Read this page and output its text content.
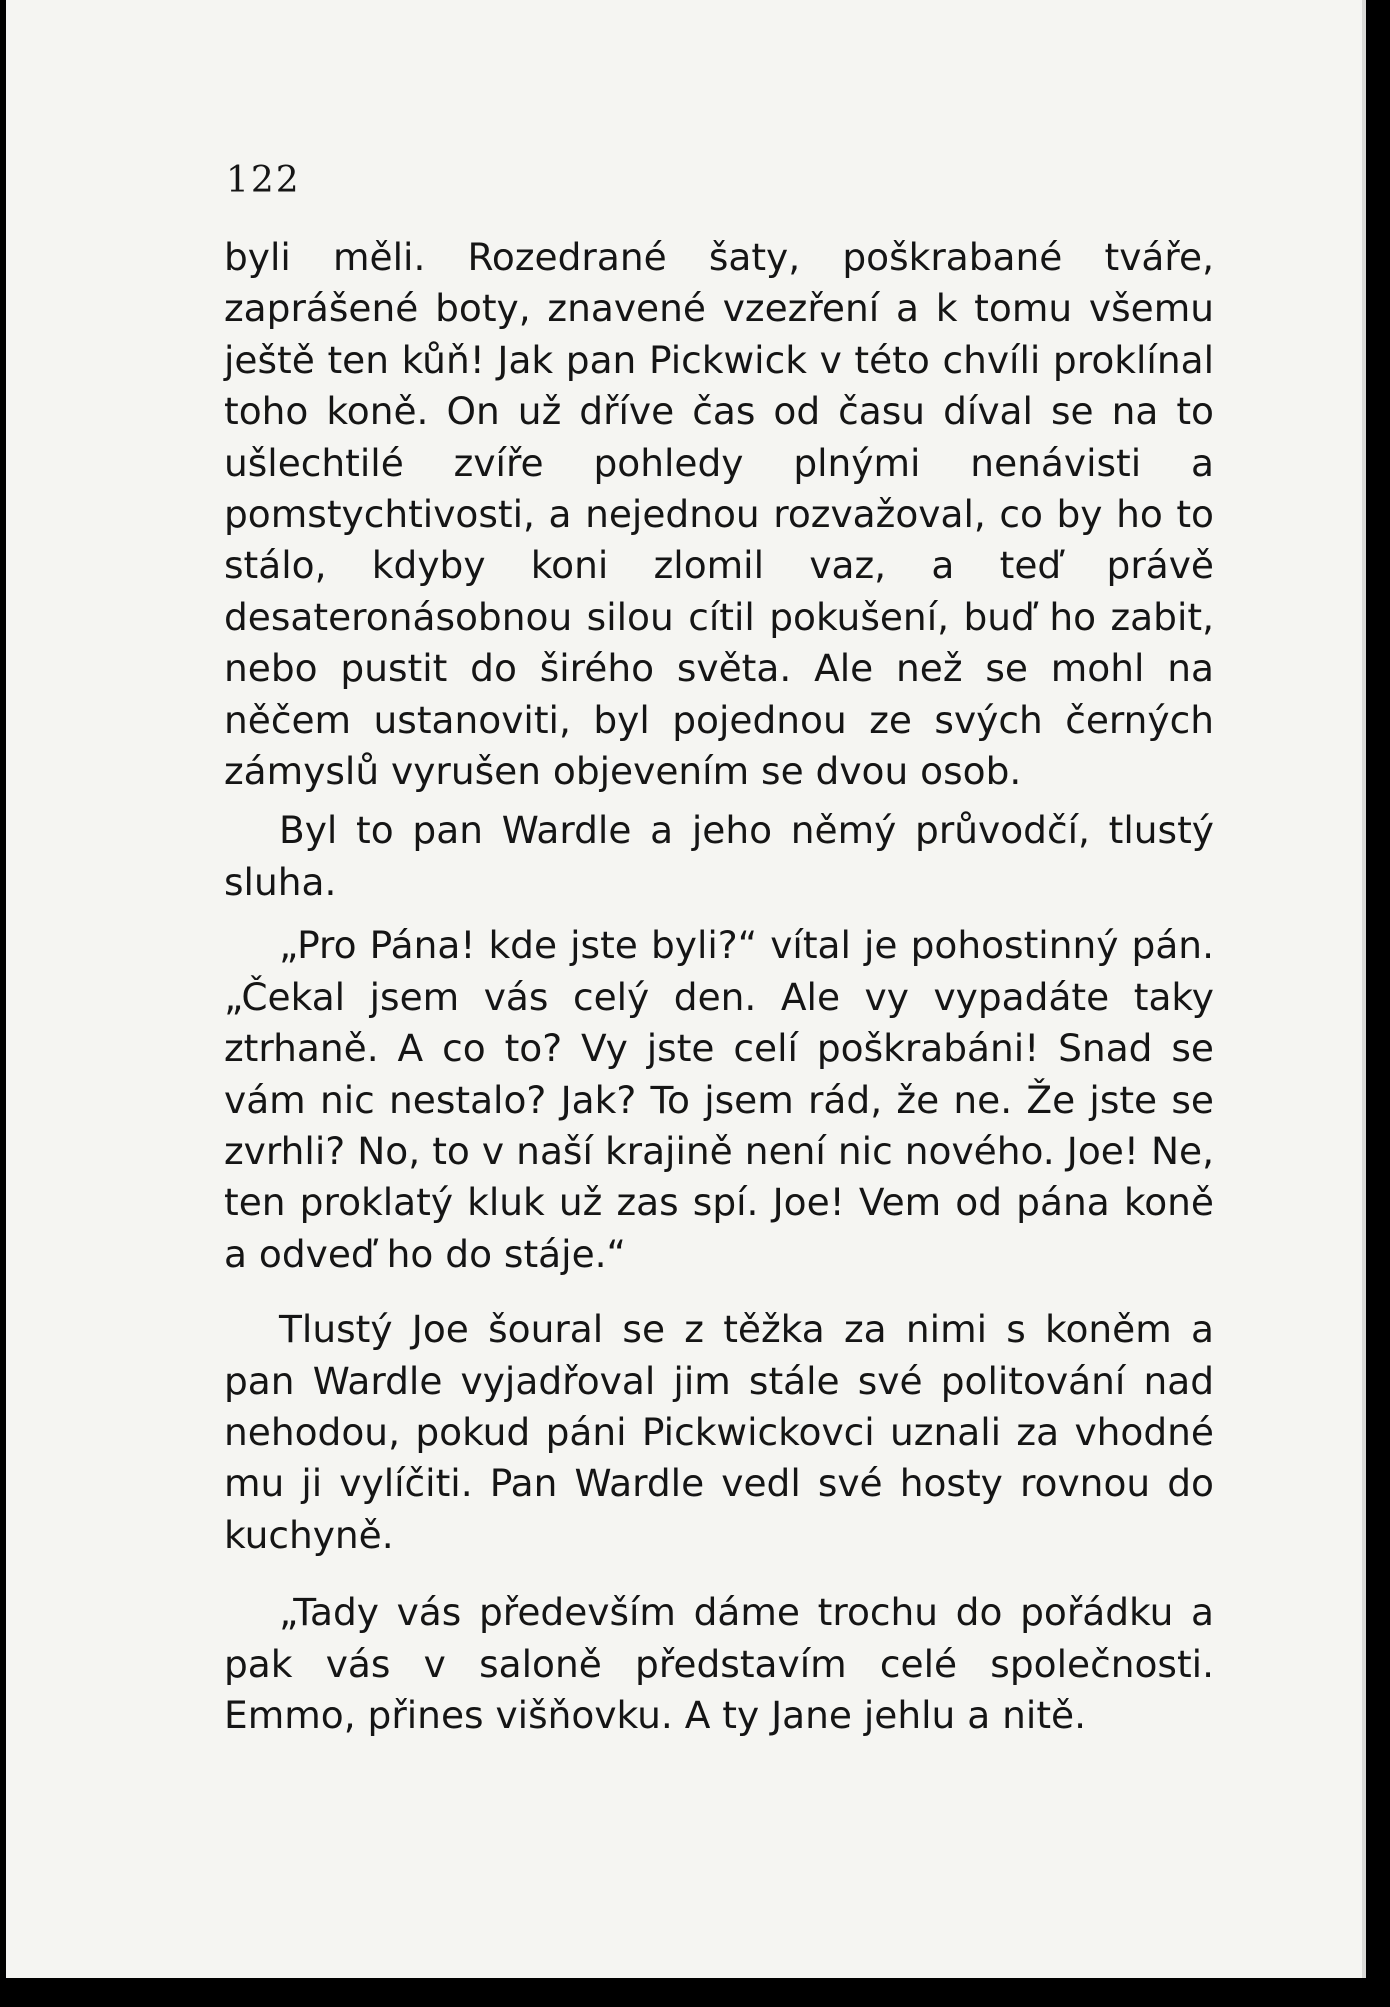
122

byli měli. Rozedrané šaty, poškrabané tváře, zaprášené boty, znavené vzezření a k tomu všemu ještě ten kůň! Jak pan Pickwick v této chvíli proklínal toho koně. On už dříve čas od času díval se na to ušlechtilé zvíře pohledy plnými nenávisti a pomstychtivosti, a nejednou rozvažoval, co by ho to stálo, kdyby koni zlomil vaz, a teď právě desateronásobnou silou cítil pokušení, buď ho zabit, nebo pustit do širého světa. Ale než se mohl na něčem ustanoviti, byl pojednou ze svých černých zámyslů vyrušen objevením se dvou osob.

Byl to pan Wardle a jeho němý průvodčí, tlustý sluha.

„Pro Pána! kde jste byli?“ vítal je pohostinný pán. „Čekal jsem vás celý den. Ale vy vypadáte taky ztrhaně. A co to? Vy jste celí poškrabáni! Snad se vám nic nestalo? Jak? To jsem rád, že ne. Že jste se zvrhli? No, to v naší krajině není nic nového. Joe! Ne, ten proklatý kluk už zas spí. Joe! Vem od pána koně a odveď ho do stáje.“

Tlustý Joe šoural se z těžka za nimi s koněm a pan Wardle vyjadřoval jim stále své politování nad nehodou, pokud páni Pickwickovci uznali za vhodné mu ji vylíčiti. Pan Wardle vedl své hosty rovnou do kuchyně.

„Tady vás především dáme trochu do pořádku a pak vás v saloně představím celé společnosti. Emmo, přines višňovku. A ty Jane jehlu a nitě.
